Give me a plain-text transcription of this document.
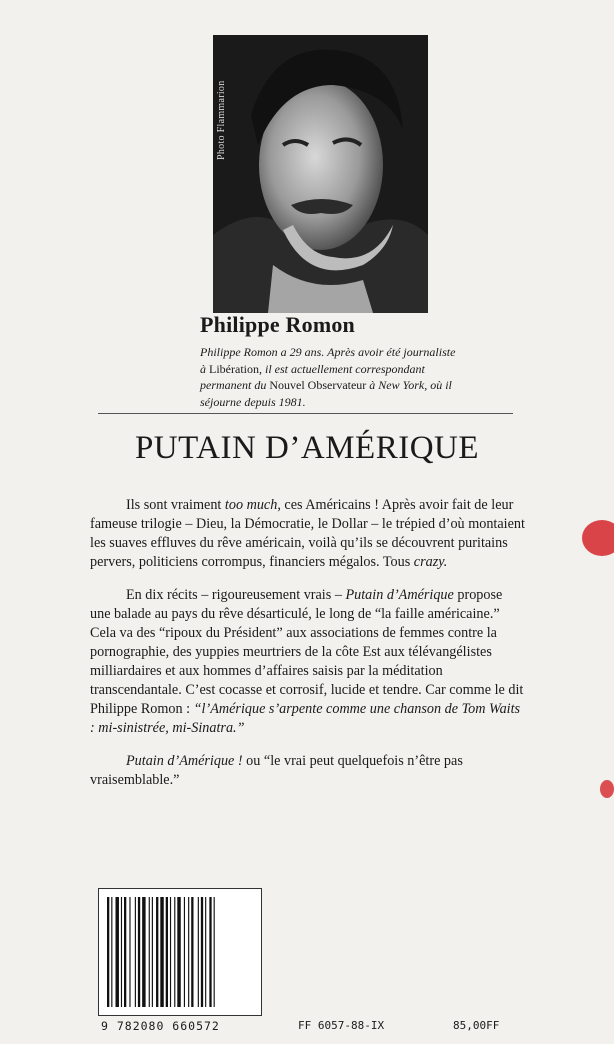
Photo Flammarion
Philippe Romon
Philippe Romon a 29 ans. Après avoir été journaliste à Libération, il est actuellement correspondant permanent du Nouvel Observateur à New York, où il séjourne depuis 1981.
PUTAIN D’AMÉRIQUE

Ils sont vraiment too much, ces Américains ! Après avoir fait de leur fameuse trilogie – Dieu, la Démocratie, le Dollar – le trépied d’où montaient les suaves effluves du rêve américain, voilà qu’ils se découvrent puritains pervers, politiciens corrompus, financiers mégalos. Tous crazy.

En dix récits – rigoureusement vrais – Putain d’Amérique propose une balade au pays du rêve désarticulé, le long de “la faille américaine.” Cela va des “ripoux du Président” aux associations de femmes contre la pornographie, des yuppies meurtriers de la côte Est aux télévangélistes milliardaires et aux hommes d’affaires saisis par la méditation transcendantale. C’est cocasse et corrosif, lucide et tendre. Car comme le dit Philippe Romon : “l’Amérique s’arpente comme une chanson de Tom Waits : mi-sinistrée, mi-Sinatra.”

Putain d’Amérique ! ou “le vrai peut quelquefois n’être pas vraisemblable.”

9 782080 660572	FF 6057-88-IX	85,00FF
